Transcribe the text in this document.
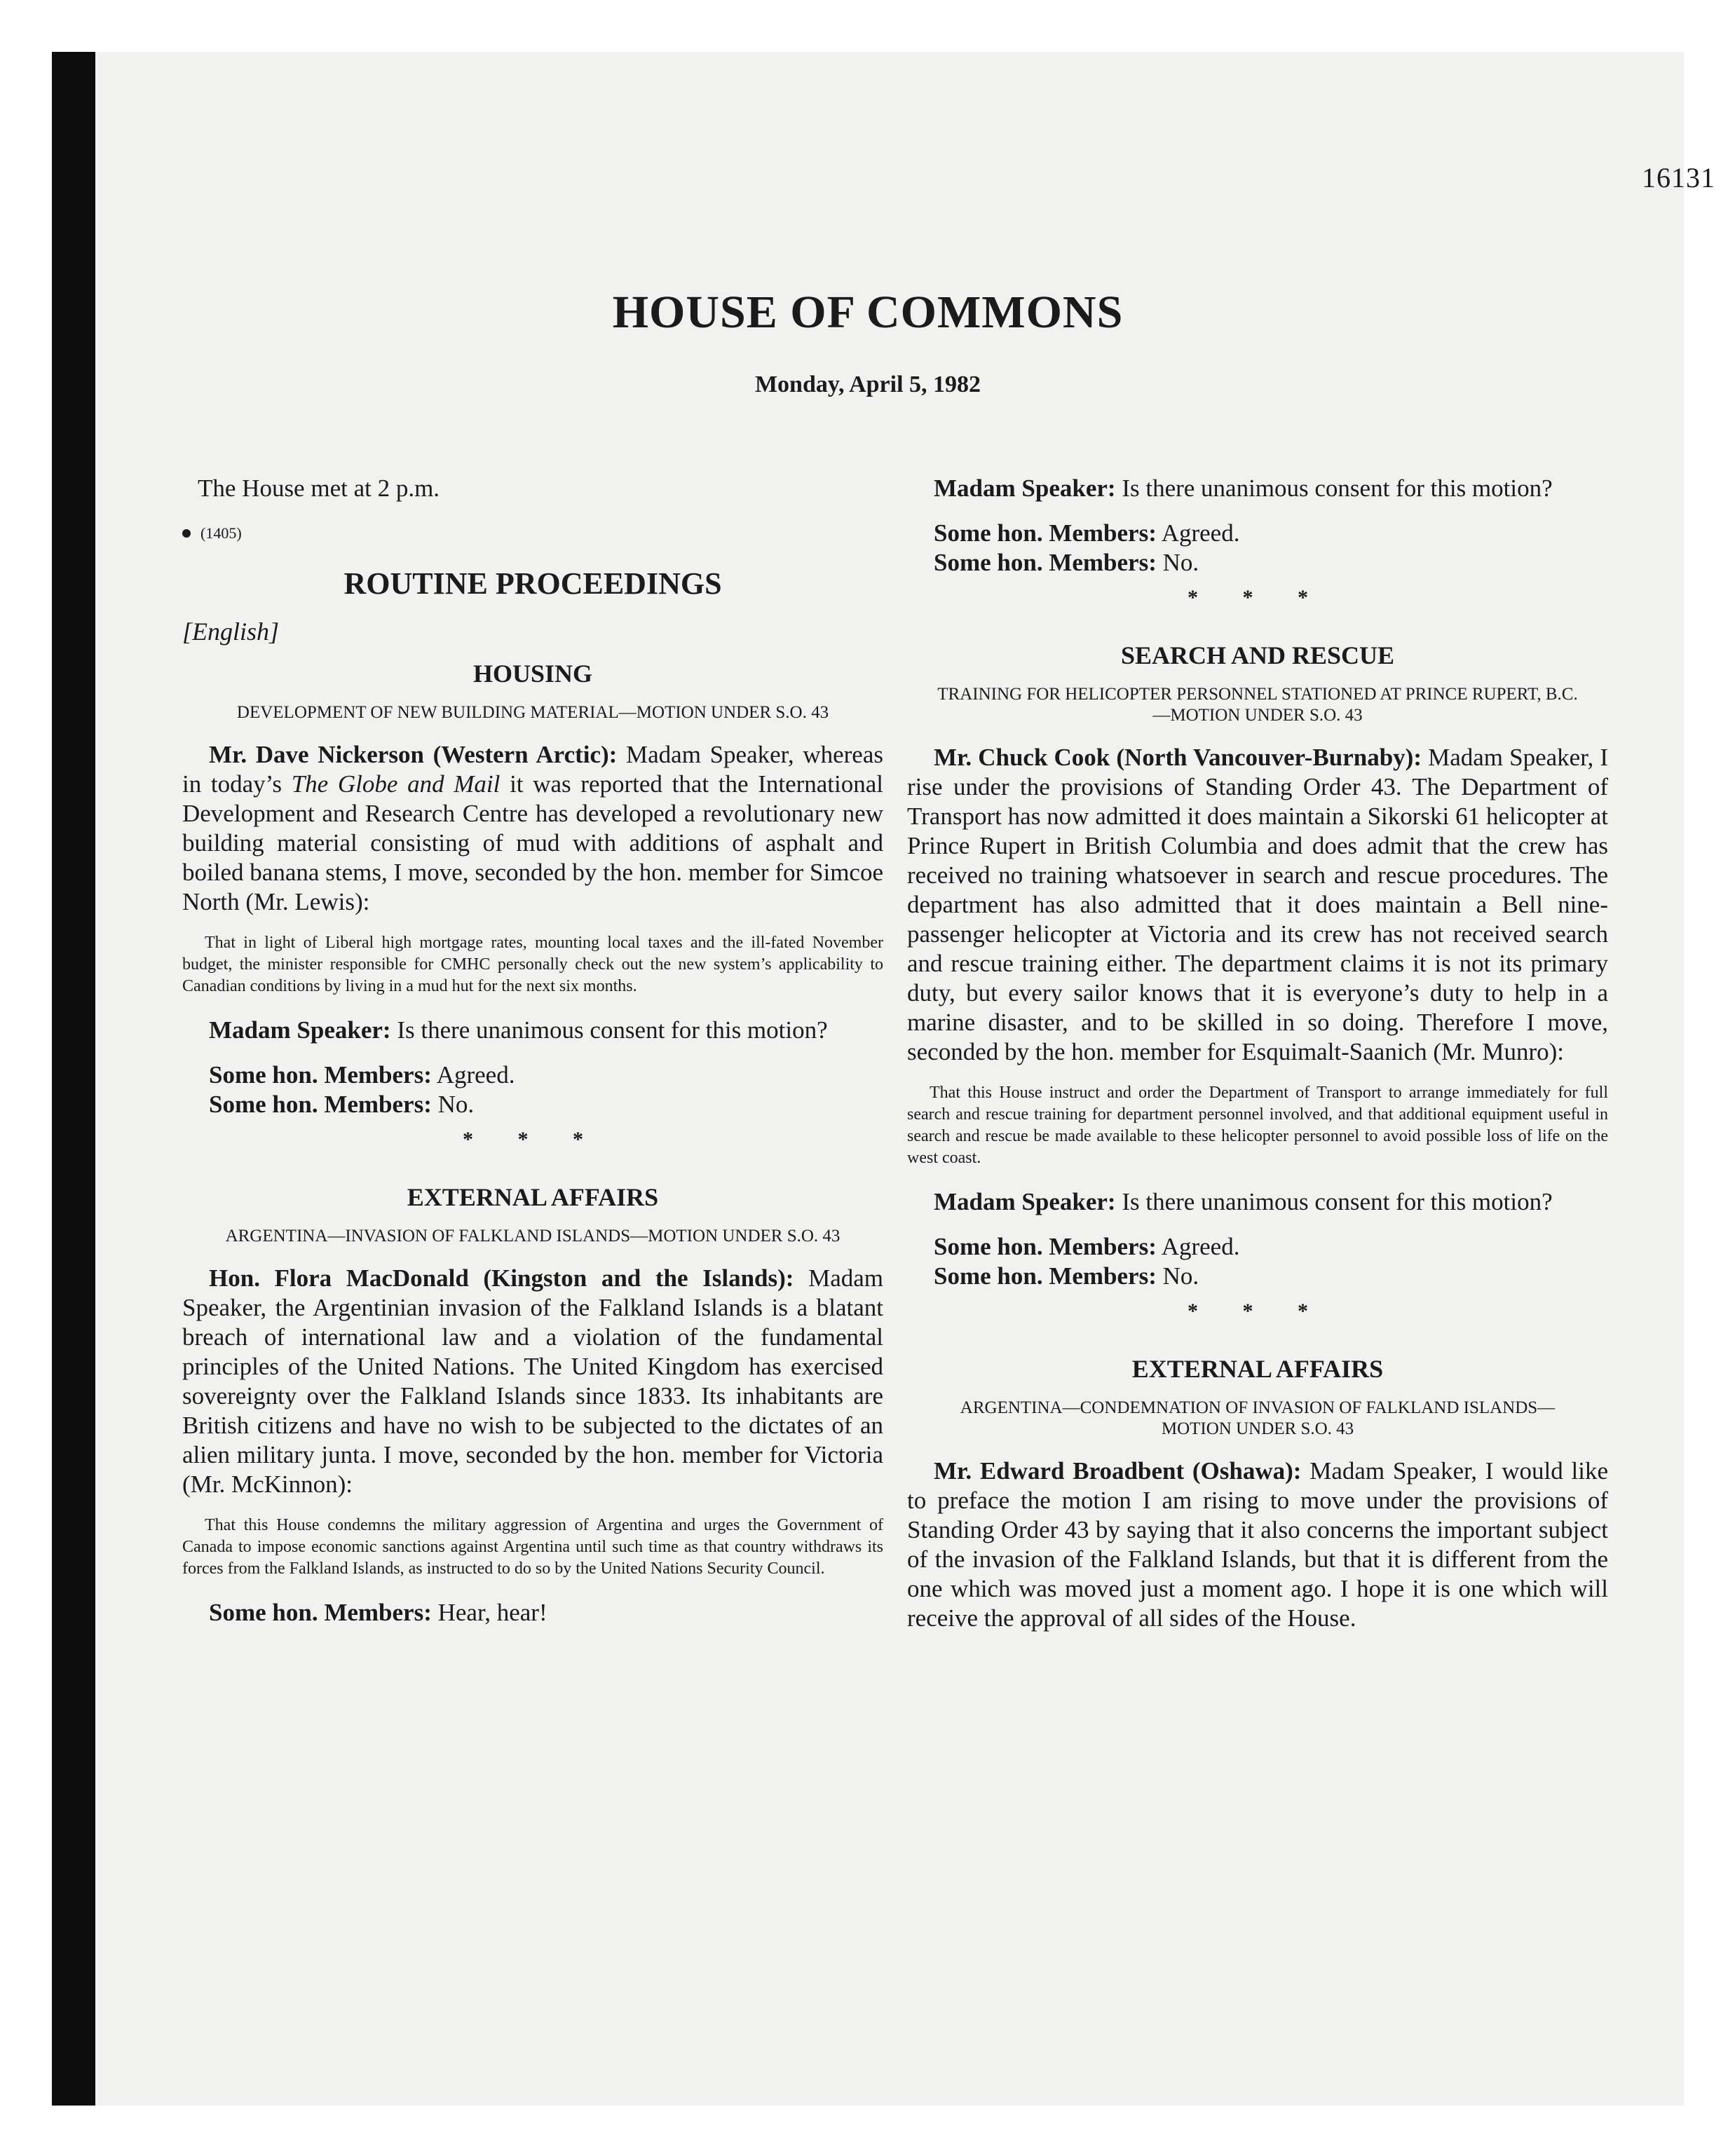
16131
HOUSE OF COMMONS
Monday, April 5, 1982

The House met at 2 p.m.

(1405)

ROUTINE PROCEEDINGS

[English]

HOUSING

DEVELOPMENT OF NEW BUILDING MATERIAL—MOTION UNDER S.O. 43

Mr. Dave Nickerson (Western Arctic): Madam Speaker, whereas in today’s The Globe and Mail it was reported that the International Development and Research Centre has developed a revolutionary new building material consisting of mud with additions of asphalt and boiled banana stems, I move, seconded by the hon. member for Simcoe North (Mr. Lewis):

That in light of Liberal high mortgage rates, mounting local taxes and the ill-fated November budget, the minister responsible for CMHC personally check out the new system’s applicability to Canadian conditions by living in a mud hut for the next six months.

Madam Speaker: Is there unanimous consent for this motion?

Some hon. Members: Agreed.

Some hon. Members: No.

* * *

EXTERNAL AFFAIRS

ARGENTINA—INVASION OF FALKLAND ISLANDS—MOTION UNDER S.O. 43

Hon. Flora MacDonald (Kingston and the Islands): Madam Speaker, the Argentinian invasion of the Falkland Islands is a blatant breach of international law and a violation of the fundamental principles of the United Nations. The United Kingdom has exercised sovereignty over the Falkland Islands since 1833. Its inhabitants are British citizens and have no wish to be subjected to the dictates of an alien military junta. I move, seconded by the hon. member for Victoria (Mr. McKinnon):

That this House condemns the military aggression of Argentina and urges the Government of Canada to impose economic sanctions against Argentina until such time as that country withdraws its forces from the Falkland Islands, as instructed to do so by the United Nations Security Council.

Some hon. Members: Hear, hear!

Madam Speaker: Is there unanimous consent for this motion?

Some hon. Members: Agreed.

Some hon. Members: No.

* * *

SEARCH AND RESCUE

TRAINING FOR HELICOPTER PERSONNEL STATIONED AT PRINCE RUPERT, B.C.—MOTION UNDER S.O. 43

Mr. Chuck Cook (North Vancouver-Burnaby): Madam Speaker, I rise under the provisions of Standing Order 43. The Department of Transport has now admitted it does maintain a Sikorski 61 helicopter at Prince Rupert in British Columbia and does admit that the crew has received no training whatsoever in search and rescue procedures. The department has also admitted that it does maintain a Bell nine-passenger helicopter at Victoria and its crew has not received search and rescue training either. The department claims it is not its primary duty, but every sailor knows that it is everyone’s duty to help in a marine disaster, and to be skilled in so doing. Therefore I move, seconded by the hon. member for Esquimalt-Saanich (Mr. Munro):

That this House instruct and order the Department of Transport to arrange immediately for full search and rescue training for department personnel involved, and that additional equipment useful in search and rescue be made available to these helicopter personnel to avoid possible loss of life on the west coast.

Madam Speaker: Is there unanimous consent for this motion?

Some hon. Members: Agreed.

Some hon. Members: No.

* * *

EXTERNAL AFFAIRS

ARGENTINA—CONDEMNATION OF INVASION OF FALKLAND ISLANDS—MOTION UNDER S.O. 43

Mr. Edward Broadbent (Oshawa): Madam Speaker, I would like to preface the motion I am rising to move under the provisions of Standing Order 43 by saying that it also concerns the important subject of the invasion of the Falkland Islands, but that it is different from the one which was moved just a moment ago. I hope it is one which will receive the approval of all sides of the House.
